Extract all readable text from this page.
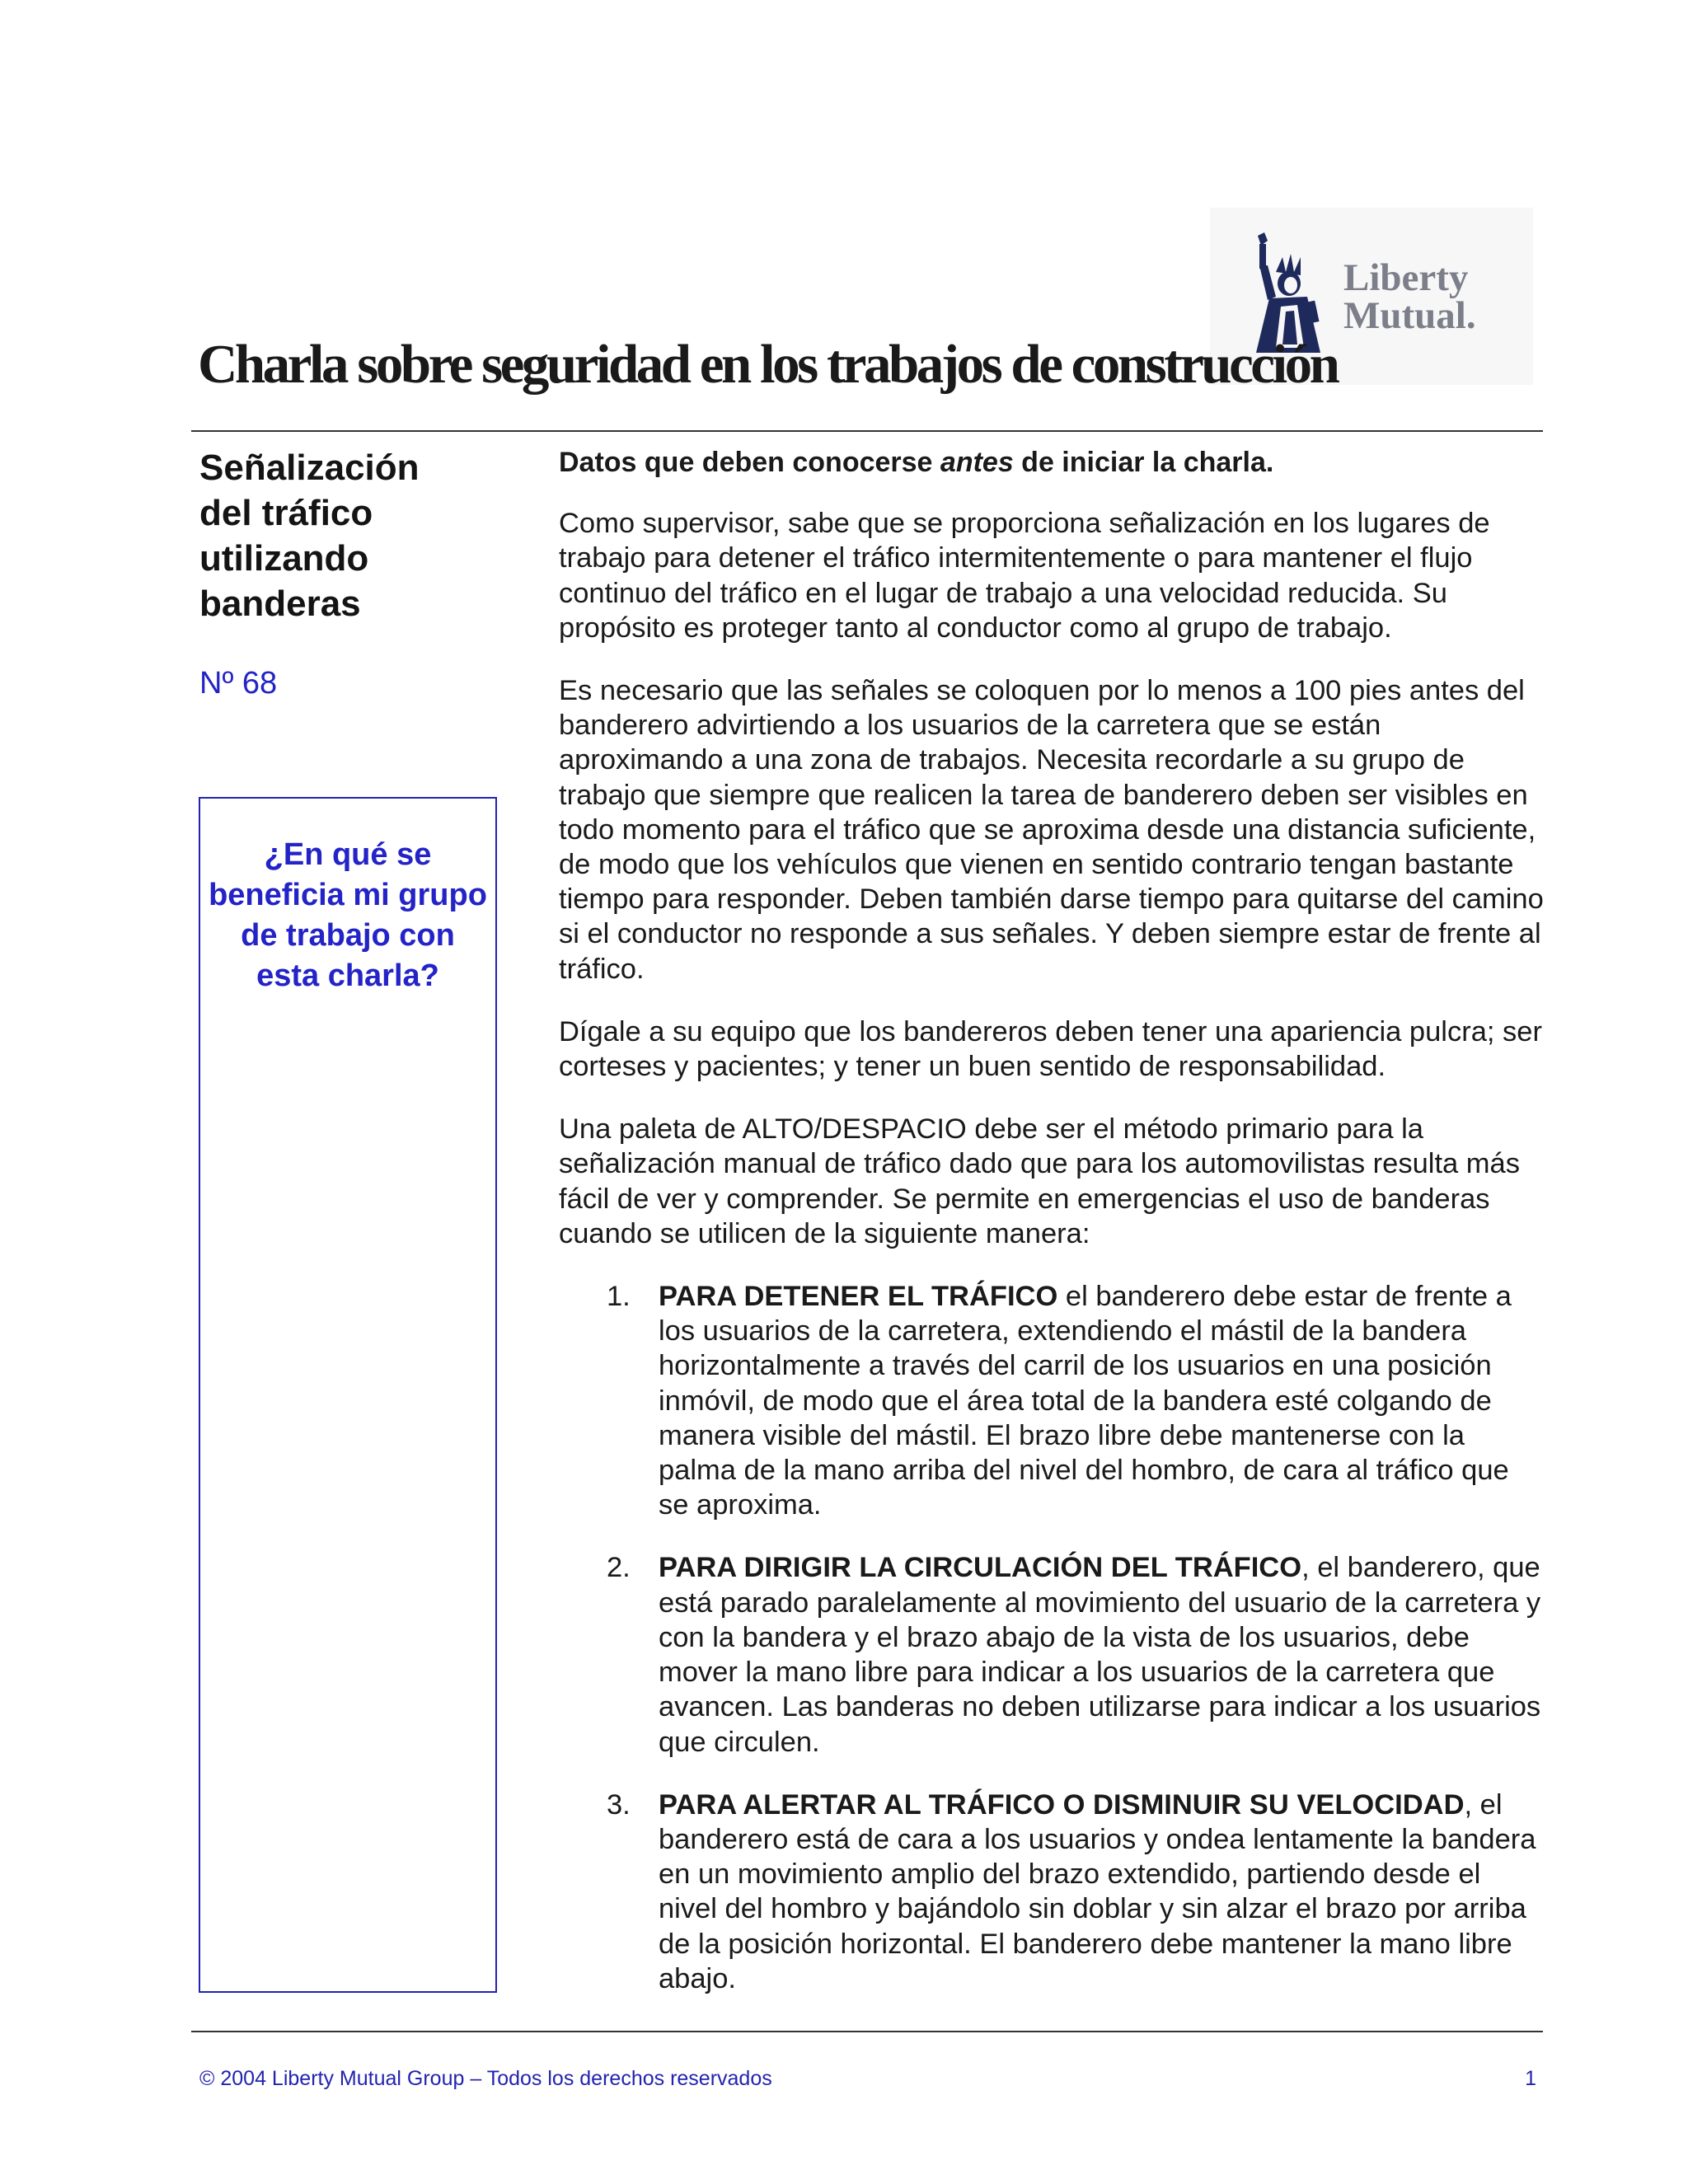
Liberty
Mutual.
Charla sobre seguridad en los trabajos de construcción
Señalización del tráfico utilizando banderas
Nº 68
¿En qué se beneficia mi grupo de trabajo con esta charla?

Datos que deben conocerse antes de iniciar la charla.

Como supervisor, sabe que se proporciona señalización en los lugares de trabajo para detener el tráfico intermitentemente o para mantener el flujo continuo del tráfico en el lugar de trabajo a una velocidad reducida. Su propósito es proteger tanto al conductor como al grupo de trabajo.

Es necesario que las señales se coloquen por lo menos a 100 pies antes del banderero advirtiendo a los usuarios de la carretera que se están aproximando a una zona de trabajos. Necesita recordarle a su grupo de trabajo que siempre que realicen la tarea de banderero deben ser visibles en todo momento para el tráfico que se aproxima desde una distancia suficiente, de modo que los vehículos que vienen en sentido contrario tengan bastante tiempo para responder. Deben también darse tiempo para quitarse del camino si el conductor no responde a sus señales. Y deben siempre estar de frente al tráfico.

Dígale a su equipo que los bandereros deben tener una apariencia pulcra; ser corteses y pacientes; y tener un buen sentido de responsabilidad.

Una paleta de ALTO/DESPACIO debe ser el método primario para la señalización manual de tráfico dado que para los automovilistas resulta más fácil de ver y comprender. Se permite en emergencias el uso de banderas cuando se utilicen de la siguiente manera:

1. PARA DETENER EL TRÁFICO el banderero debe estar de frente a los usuarios de la carretera, extendiendo el mástil de la bandera horizontalmente a través del carril de los usuarios en una posición inmóvil, de modo que el área total de la bandera esté colgando de manera visible del mástil. El brazo libre debe mantenerse con la palma de la mano arriba del nivel del hombro, de cara al tráfico que se aproxima.
2. PARA DIRIGIR LA CIRCULACIÓN DEL TRÁFICO, el banderero, que está parado paralelamente al movimiento del usuario de la carretera y con la bandera y el brazo abajo de la vista de los usuarios, debe mover la mano libre para indicar a los usuarios de la carretera que avancen. Las banderas no deben utilizarse para indicar a los usuarios que circulen.
3. PARA ALERTAR AL TRÁFICO O DISMINUIR SU VELOCIDAD, el banderero está de cara a los usuarios y ondea lentamente la bandera en un movimiento amplio del brazo extendido, partiendo desde el nivel del hombro y bajándolo sin doblar y sin alzar el brazo por arriba de la posición horizontal. El banderero debe mantener la mano libre abajo.
© 2004 Liberty Mutual Group – Todos los derechos reservados	1
